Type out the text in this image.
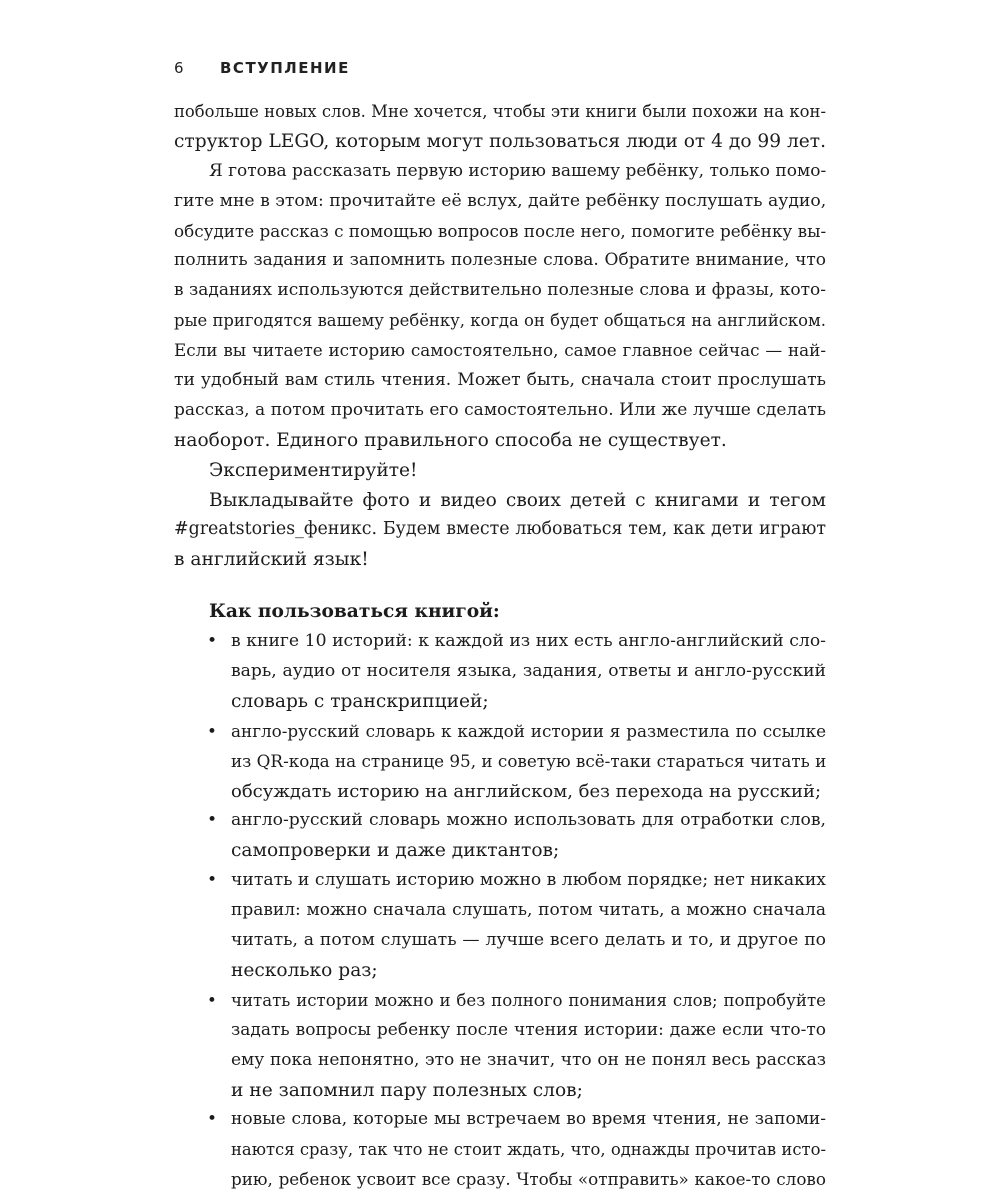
6 ВСТУПЛЕНИЕ
побольше новых слов. Мне хочется, чтобы эти книги были похожи на кон-
структор LEGO, которым могут пользоваться люди от 4 до 99 лет.
Я готова рассказать первую историю вашему ребёнку, только помо-
гите мне в этом: прочитайте её вслух, дайте ребёнку послушать аудио,
обсудите рассказ с помощью вопросов после него, помогите ребёнку вы-
полнить задания и запомнить полезные слова. Обратите внимание, что
в заданиях используются действительно полезные слова и фразы, кото-
рые пригодятся вашему ребёнку, когда он будет общаться на английском.
Если вы читаете историю самостоятельно, самое главное сейчас — най-
ти удобный вам стиль чтения. Может быть, сначала стоит прослушать
рассказ, а потом прочитать его самостоятельно. Или же лучше сделать
наоборот. Единого правильного способа не существует.
Экспериментируйте!
Выкладывайте фото и видео своих детей с книгами и тегом
#greatstories_феникс. Будем вместе любоваться тем, как дети играют
в английский язык!
Как пользоваться книгой:
• в книге 10 историй: к каждой из них есть англо-английский сло-
варь, аудио от носителя языка, задания, ответы и англо-русский
словарь с транскрипцией;
• англо-русский словарь к каждой истории я разместила по ссылке
из QR-кода на странице 95, и советую всё-таки стараться читать и
обсуждать историю на английском, без перехода на русский;
• англо-русский словарь можно использовать для отработки слов,
самопроверки и даже диктантов;
• читать и слушать историю можно в любом порядке; нет никаких
правил: можно сначала слушать, потом читать, а можно сначала
читать, а потом слушать — лучше всего делать и то, и другое по
несколько раз;
• читать истории можно и без полного понимания слов; попробуйте
задать вопросы ребенку после чтения истории: даже если что-то
ему пока непонятно, это не значит, что он не понял весь рассказ
и не запомнил пару полезных слов;
• новые слова, которые мы встречаем во время чтения, не запоми-
наются сразу, так что не стоит ждать, что, однажды прочитав исто-
рию, ребенок усвоит все сразу. Чтобы «отправить» какое-то слово
